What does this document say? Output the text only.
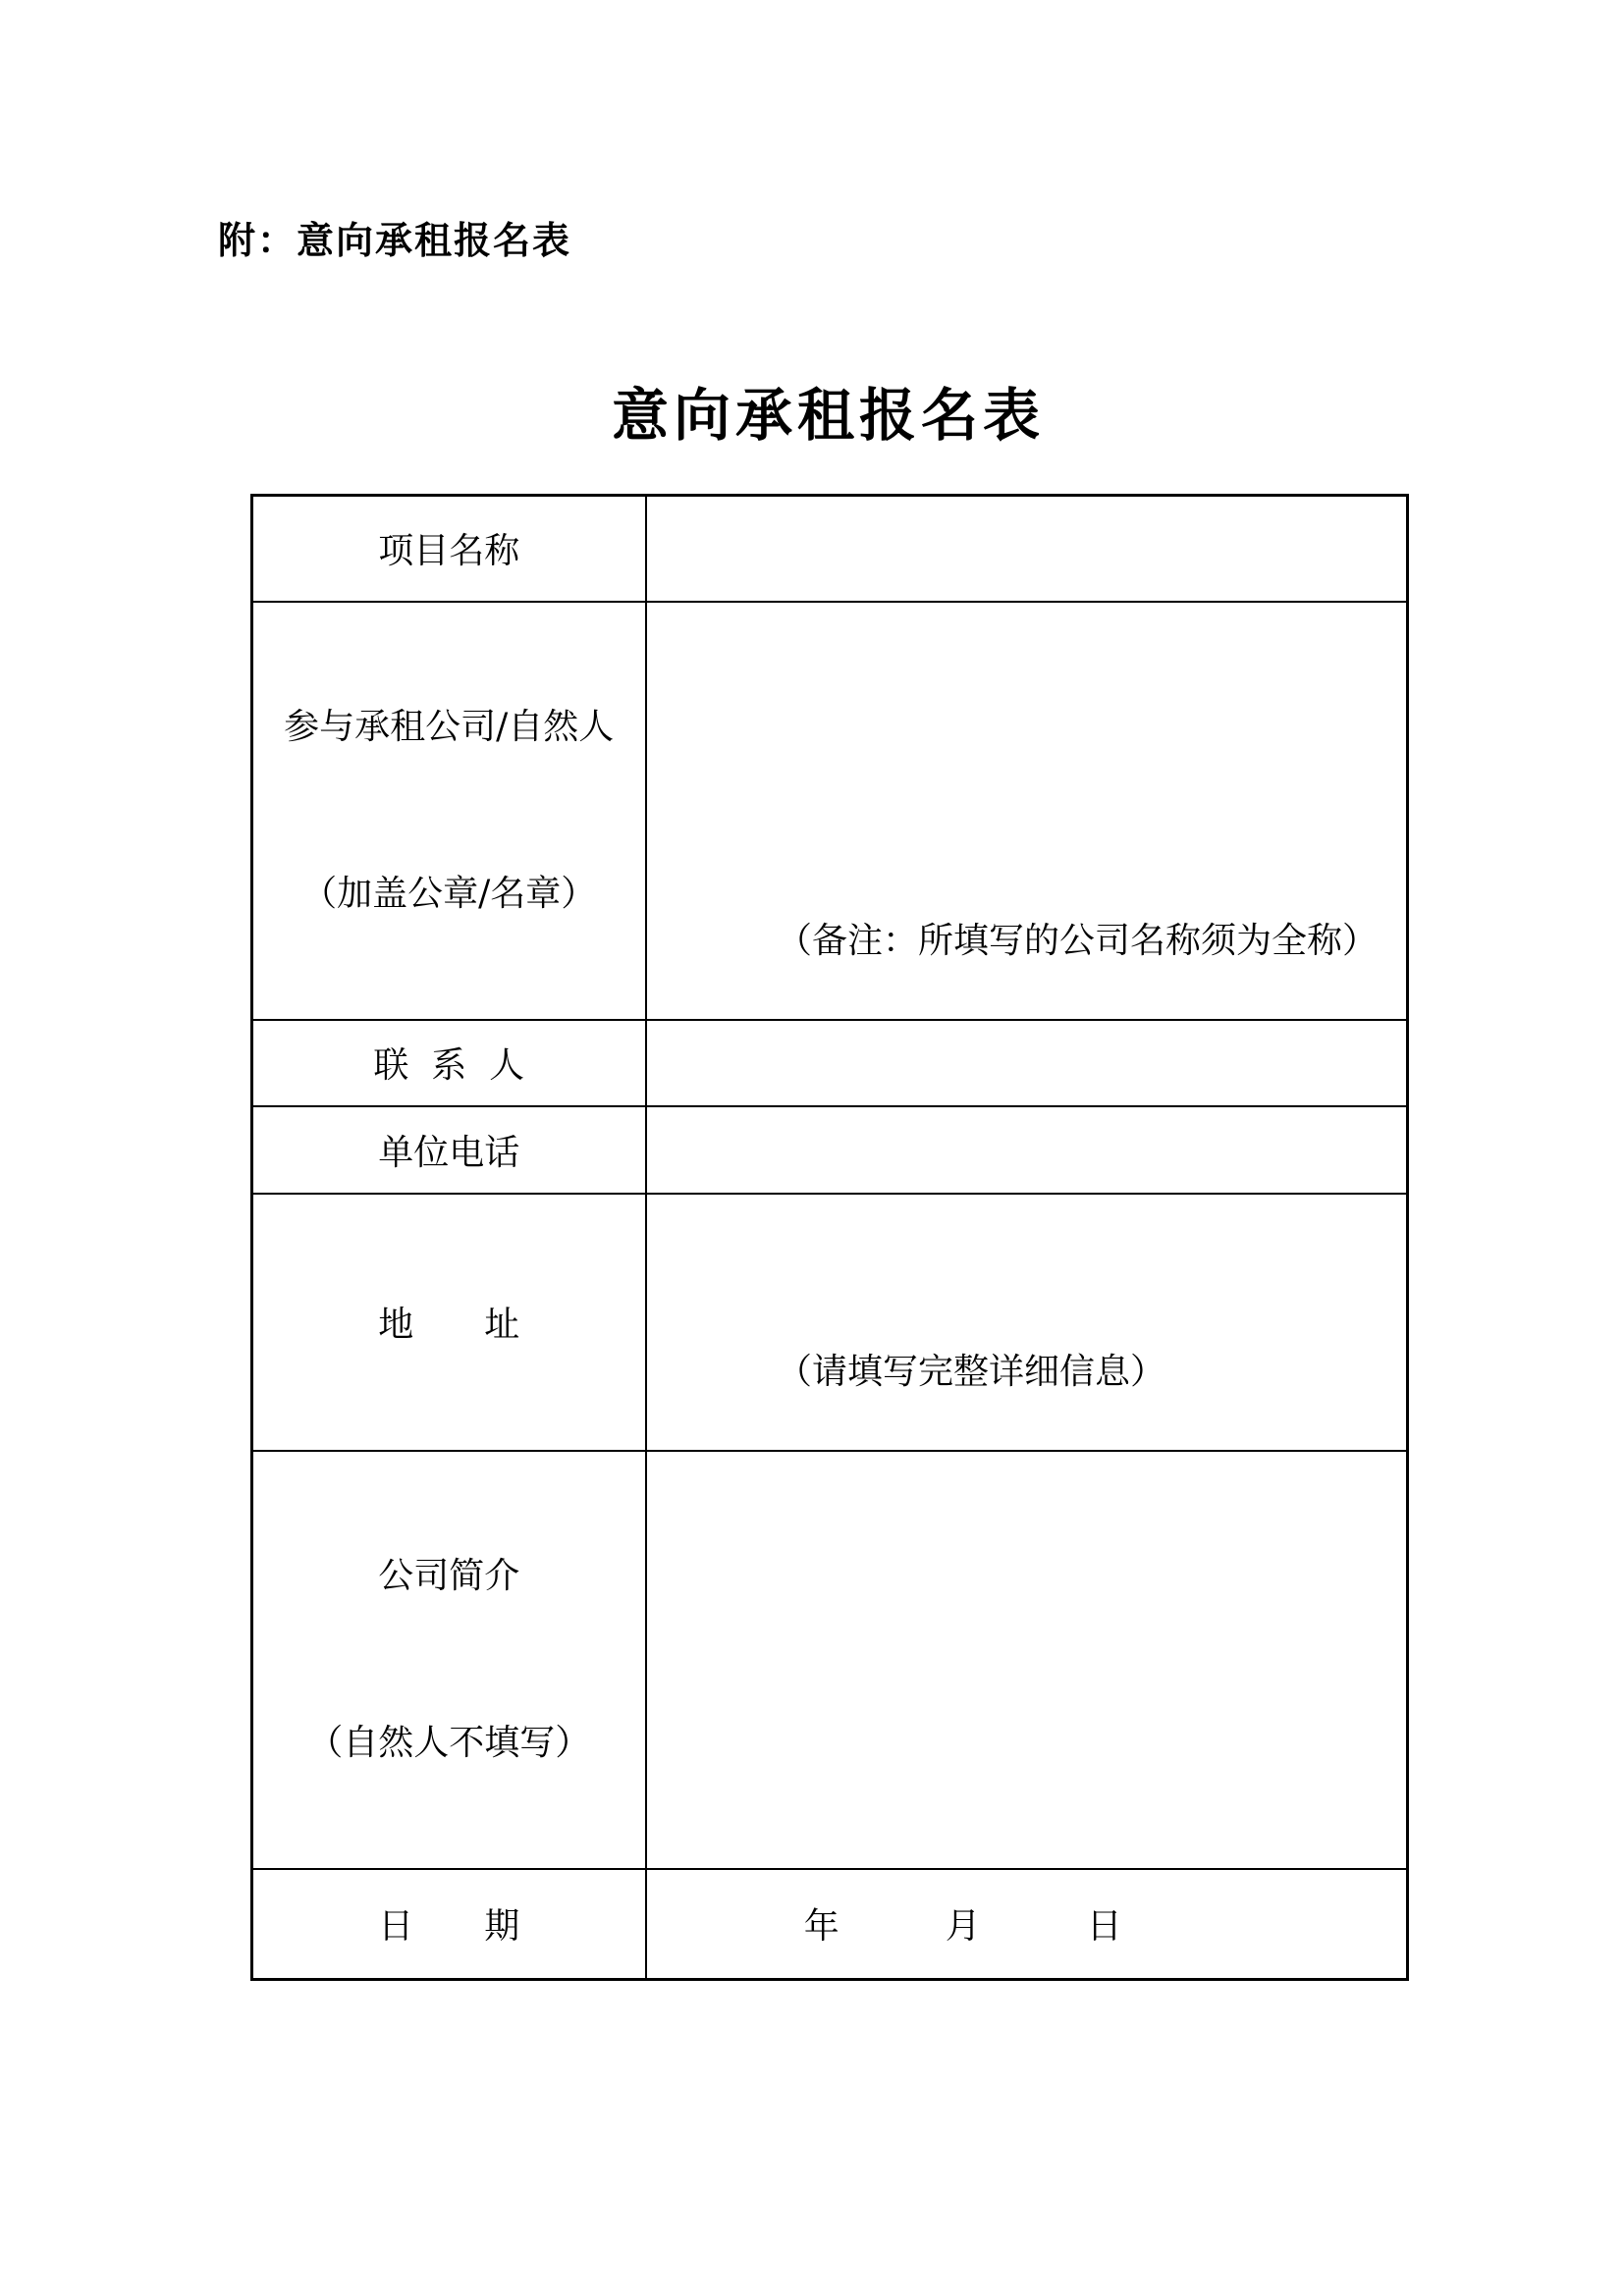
附：意向承租报名表
意向承租报名表
项目名称	

参与承租公司/自然人

（加盖公章/名章）	（备注：所填写的公司名称须为全称）

联  系  人	
单位电话	
地　　址	（请填写完整详细信息）

公司简介

（自然人不填写）	

日　　期	年　　　月　　　日
